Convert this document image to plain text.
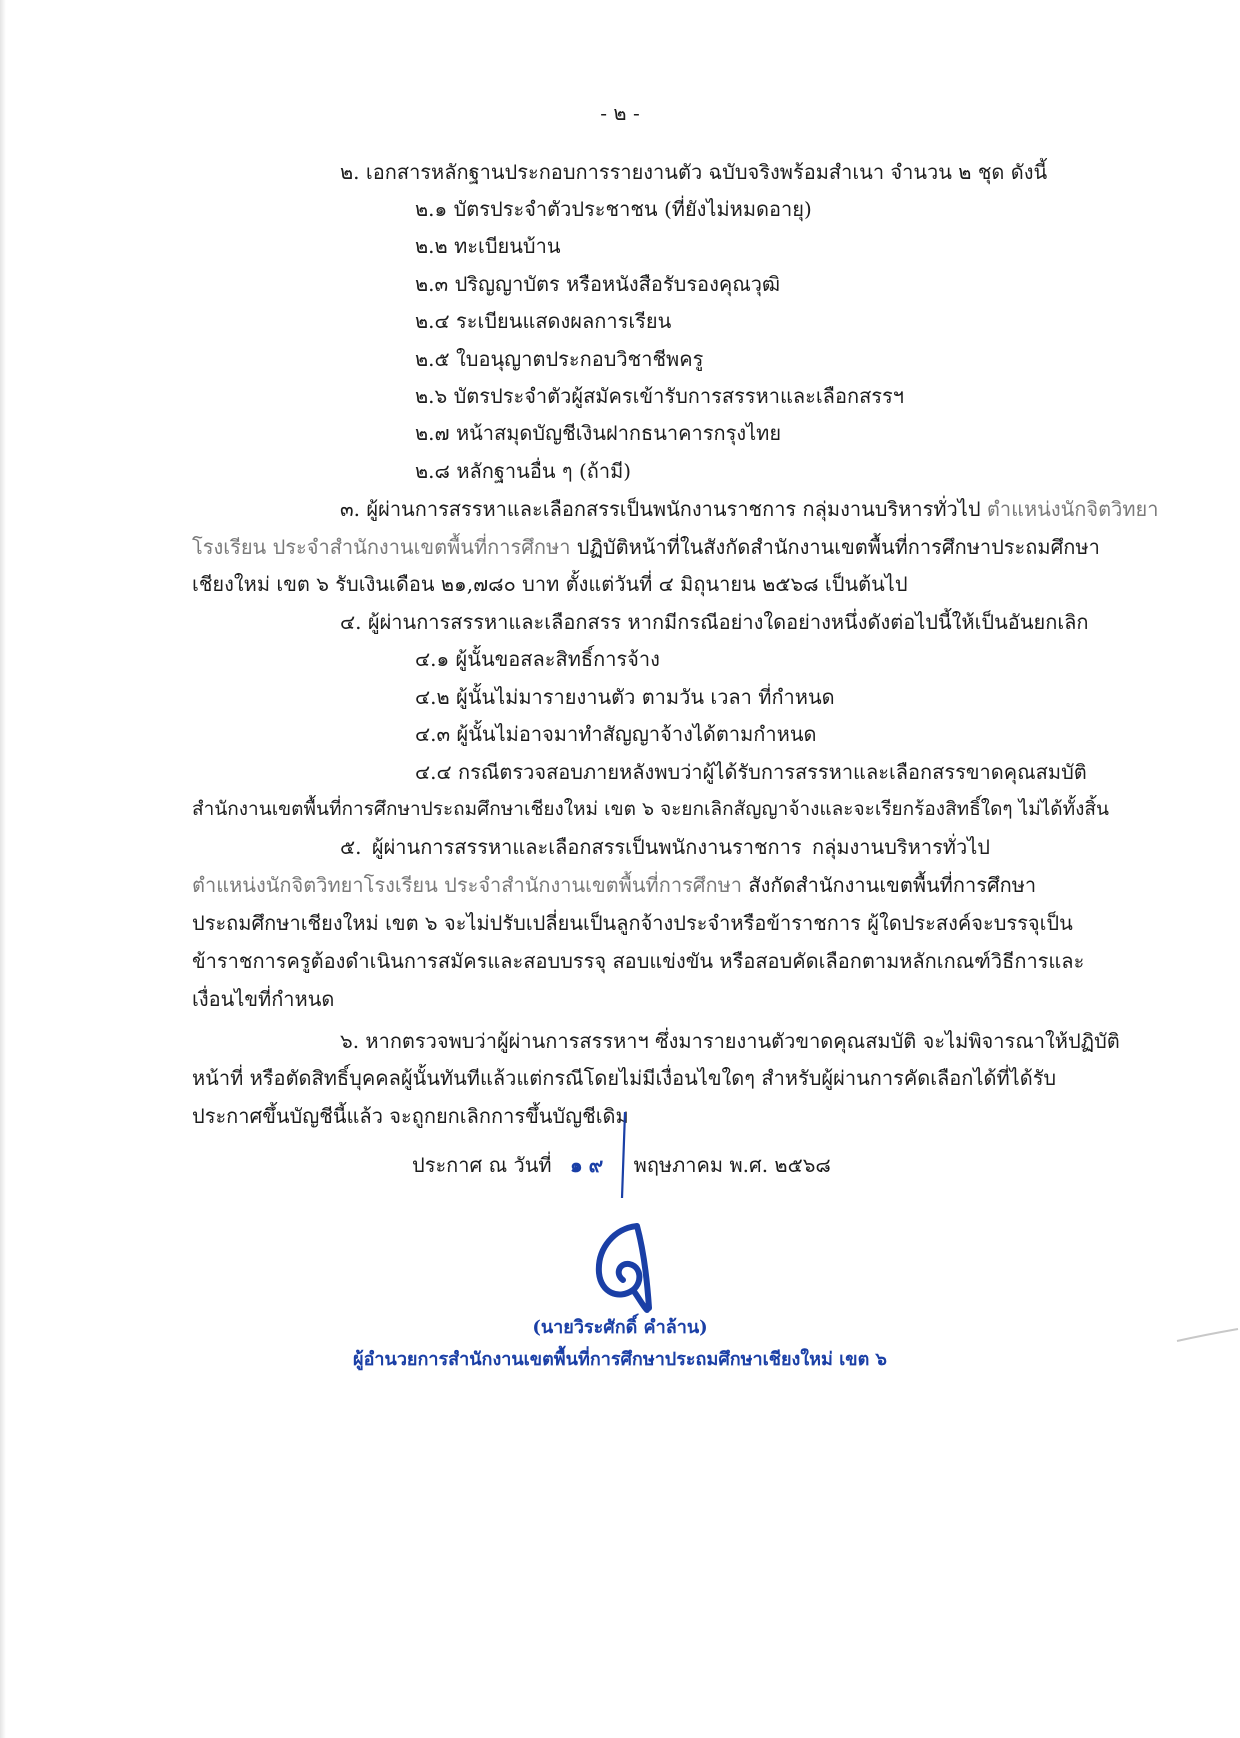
- ๒ -
๒. เอกสารหลักฐานประกอบการรายงานตัว ฉบับจริงพร้อมสำเนา จำนวน ๒ ชุด ดังนี้
๒.๑ บัตรประจำตัวประชาชน (ที่ยังไม่หมดอายุ)
๒.๒ ทะเบียนบ้าน
๒.๓ ปริญญาบัตร หรือหนังสือรับรองคุณวุฒิ
๒.๔ ระเบียนแสดงผลการเรียน
๒.๕ ใบอนุญาตประกอบวิชาชีพครู
๒.๖ บัตรประจำตัวผู้สมัครเข้ารับการสรรหาและเลือกสรรฯ
๒.๗ หน้าสมุดบัญชีเงินฝากธนาคารกรุงไทย
๒.๘ หลักฐานอื่น ๆ (ถ้ามี)
๓. ผู้ผ่านการสรรหาและเลือกสรรเป็นพนักงานราชการ กลุ่มงานบริหารทั่วไป ตำแหน่งนักจิตวิทยา
โรงเรียน ประจำสำนักงานเขตพื้นที่การศึกษา ปฏิบัติหน้าที่ในสังกัดสำนักงานเขตพื้นที่การศึกษาประถมศึกษา
เชียงใหม่ เขต ๖ รับเงินเดือน ๒๑,๗๘๐ บาท ตั้งแต่วันที่ ๔ มิถุนายน ๒๕๖๘ เป็นต้นไป
๔. ผู้ผ่านการสรรหาและเลือกสรร หากมีกรณีอย่างใดอย่างหนึ่งดังต่อไปนี้ให้เป็นอันยกเลิก
๔.๑ ผู้นั้นขอสละสิทธิ์การจ้าง
๔.๒ ผู้นั้นไม่มารายงานตัว ตามวัน เวลา ที่กำหนด
๔.๓ ผู้นั้นไม่อาจมาทำสัญญาจ้างได้ตามกำหนด
๔.๔ กรณีตรวจสอบภายหลังพบว่าผู้ได้รับการสรรหาและเลือกสรรขาดคุณสมบัติ
สำนักงานเขตพื้นที่การศึกษาประถมศึกษาเชียงใหม่ เขต ๖ จะยกเลิกสัญญาจ้างและจะเรียกร้องสิทธิ์ใดๆ ไม่ได้ทั้งสิ้น
๕. ผู้ผ่านการสรรหาและเลือกสรรเป็นพนักงานราชการ กลุ่มงานบริหารทั่วไป
ตำแหน่งนักจิตวิทยาโรงเรียน ประจำสำนักงานเขตพื้นที่การศึกษา สังกัดสำนักงานเขตพื้นที่การศึกษา
ประถมศึกษาเชียงใหม่ เขต ๖ จะไม่ปรับเปลี่ยนเป็นลูกจ้างประจำหรือข้าราชการ ผู้ใดประสงค์จะบรรจุเป็น
ข้าราชการครูต้องดำเนินการสมัครและสอบบรรจุ สอบแข่งขัน หรือสอบคัดเลือกตามหลักเกณฑ์วิธีการและ
เงื่อนไขที่กำหนด
๖. หากตรวจพบว่าผู้ผ่านการสรรหาฯ ซึ่งมารายงานตัวขาดคุณสมบัติ จะไม่พิจารณาให้ปฏิบัติ
หน้าที่ หรือตัดสิทธิ์บุคคลผู้นั้นทันทีแล้วแต่กรณีโดยไม่มีเงื่อนไขใดๆ สำหรับผู้ผ่านการคัดเลือกได้ที่ได้รับ
ประกาศขึ้นบัญชีนี้แล้ว จะถูกยกเลิกการขึ้นบัญชีเดิม
ประกาศ ณ วันที่ ๑๙ พฤษภาคม พ.ศ. ๒๕๖๘
(นายวิระศักดิ์ คำล้าน)
ผู้อำนวยการสำนักงานเขตพื้นที่การศึกษาประถมศึกษาเชียงใหม่ เขต ๖
